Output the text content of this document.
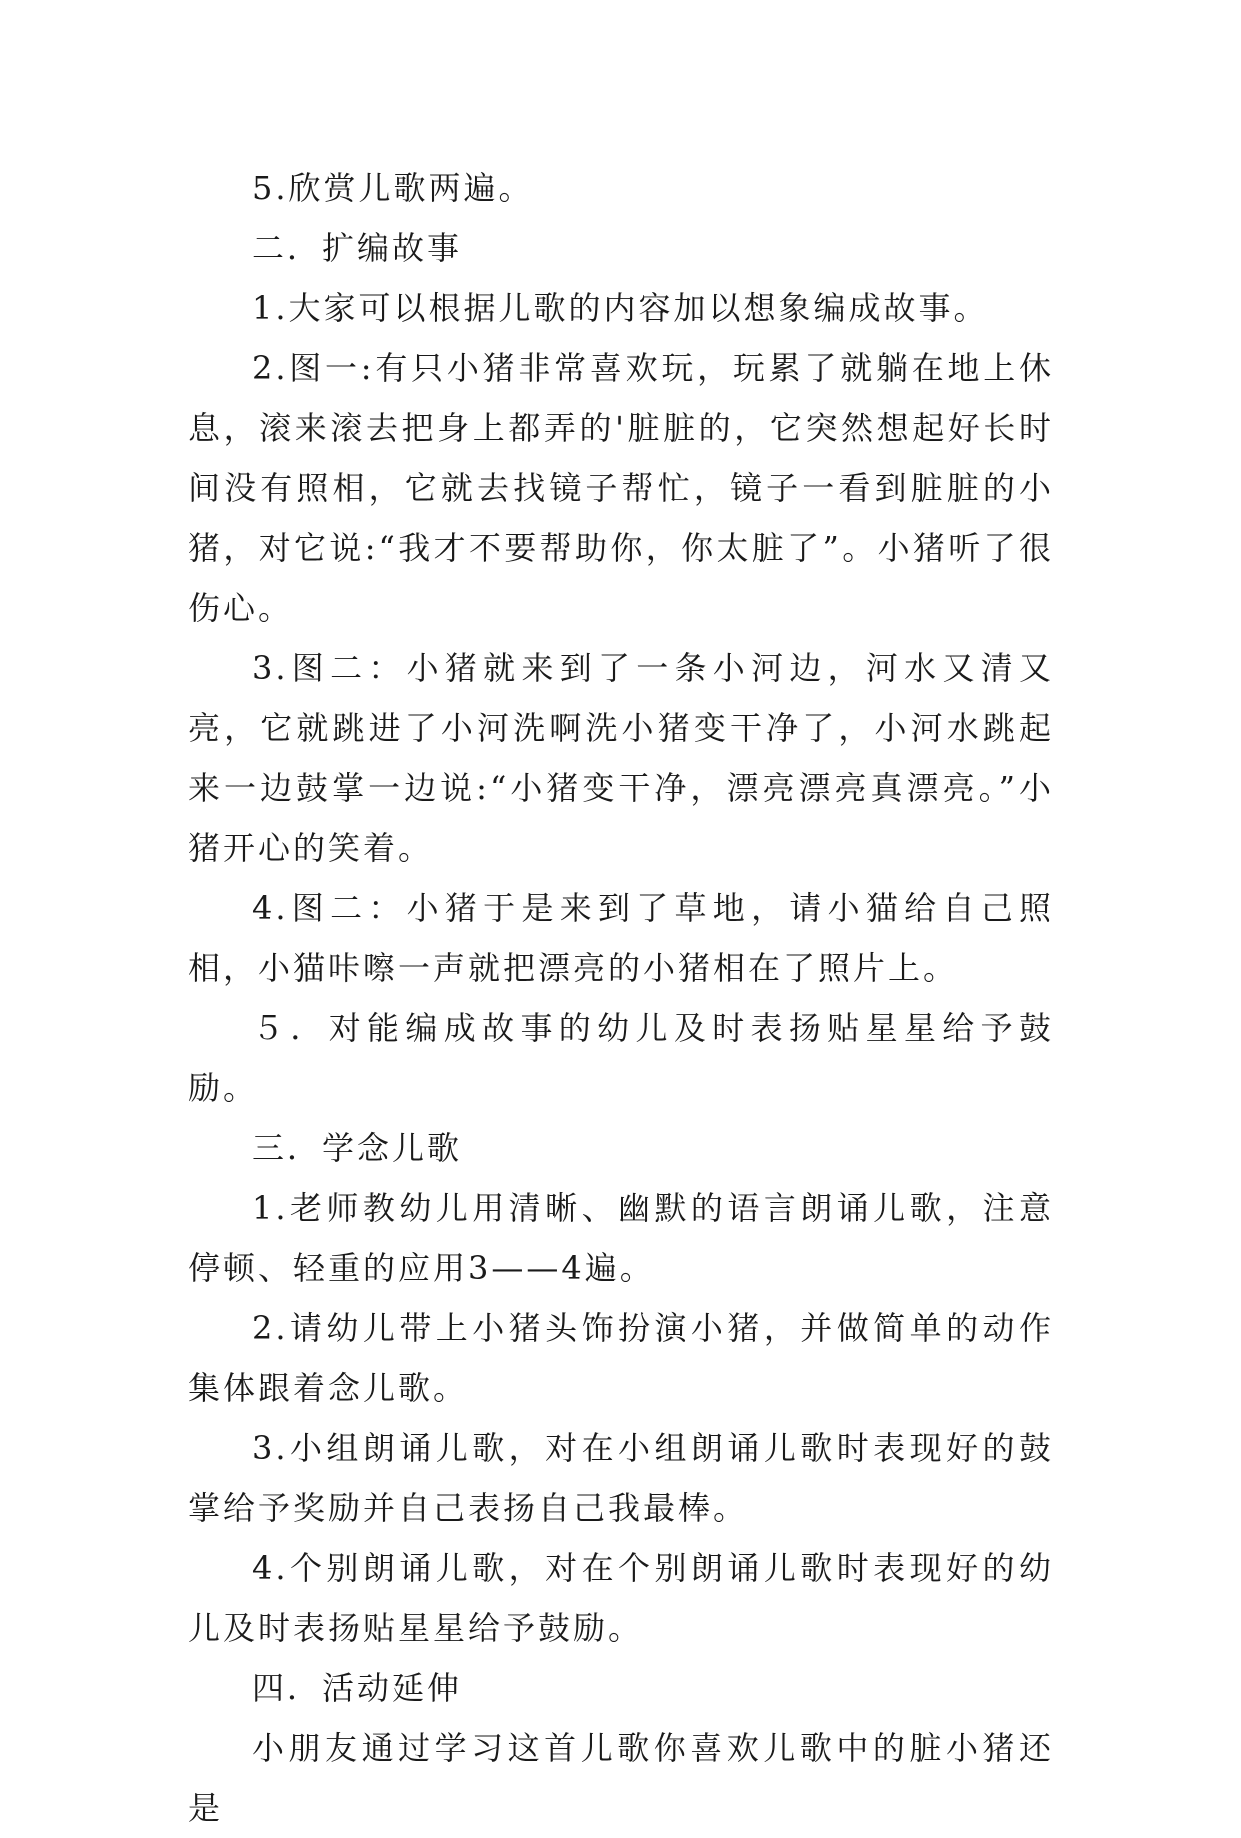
5.欣赏儿歌两遍。

二．扩编故事

1.大家可以根据儿歌的内容加以想象编成故事。

2.图一:有只小猪非常喜欢玩，玩累了就躺在地上休息，滚来滚去把身上都弄的'脏脏的，它突然想起好长时间没有照相，它就去找镜子帮忙，镜子一看到脏脏的小猪，对它说:“我才不要帮助你，你太脏了”。小猪听了很伤心。

3.图二：小猪就来到了一条小河边，河水又清又亮，它就跳进了小河洗啊洗小猪变干净了，小河水跳起来一边鼓掌一边说:“小猪变干净，漂亮漂亮真漂亮。”小猪开心的笑着。

4.图二：小猪于是来到了草地，请小猫给自己照相，小猫咔嚓一声就把漂亮的小猪相在了照片上。

５．对能编成故事的幼儿及时表扬贴星星给予鼓励。

三．学念儿歌

1.老师教幼儿用清晰、幽默的语言朗诵儿歌，注意停顿、轻重的应用3——4遍。

2.请幼儿带上小猪头饰扮演小猪，并做简单的动作集体跟着念儿歌。

3.小组朗诵儿歌，对在小组朗诵儿歌时表现好的鼓掌给予奖励并自己表扬自己我最棒。

4.个别朗诵儿歌，对在个别朗诵儿歌时表现好的幼儿及时表扬贴星星给予鼓励。

四．活动延伸

小朋友通过学习这首儿歌你喜欢儿歌中的脏小猪还是
